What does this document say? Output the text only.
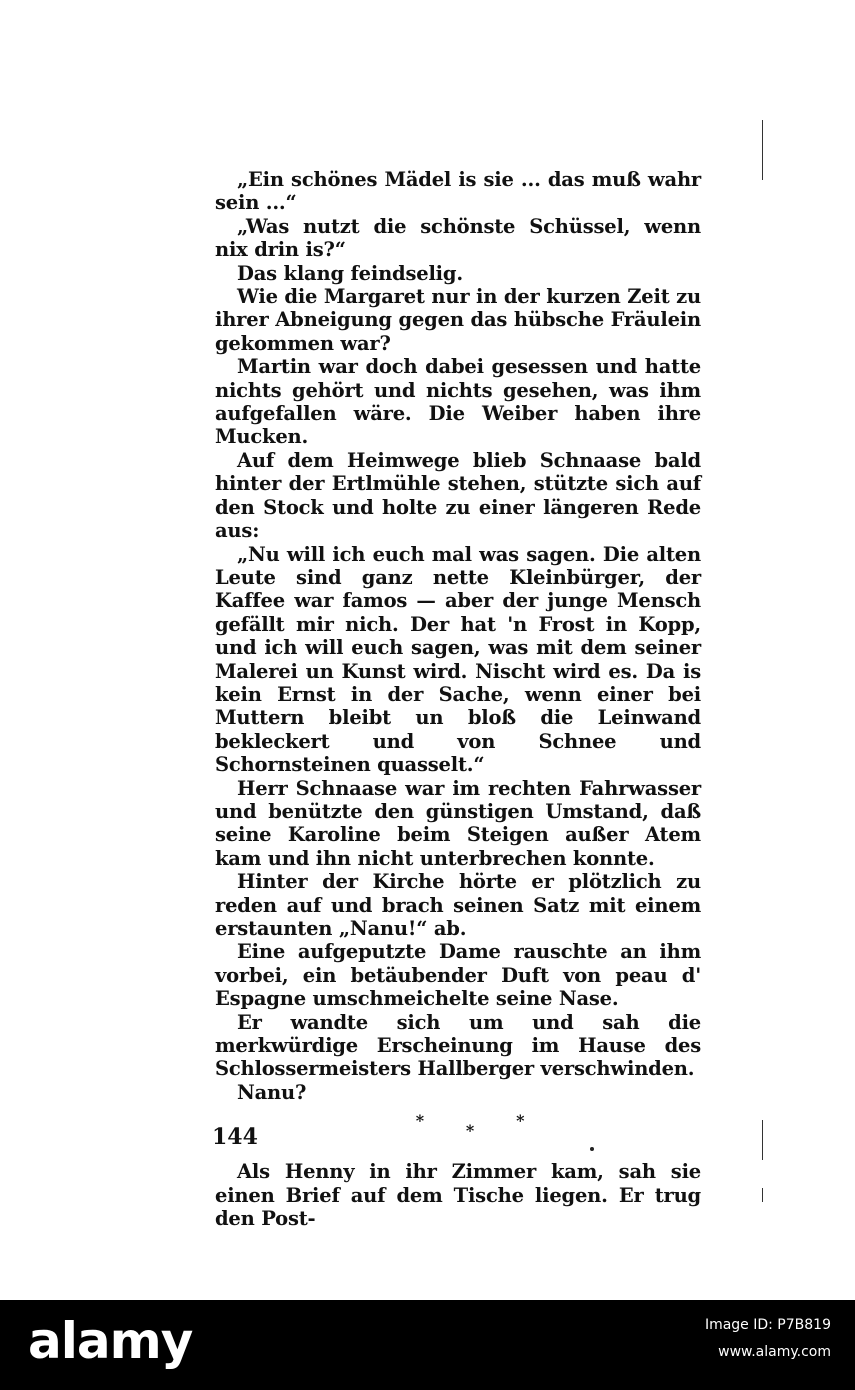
„Ein schönes Mädel is sie ... das muß wahr sein ...“

„Was nutzt die schönste Schüssel, wenn nix drin is?“

Das klang feindselig.

Wie die Margaret nur in der kurzen Zeit zu ihrer Abneigung gegen das hübsche Fräulein gekommen war?

Martin war doch dabei gesessen und hatte nichts gehört und nichts gesehen, was ihm aufgefallen wäre. Die Weiber haben ihre Mucken.

Auf dem Heimwege blieb Schnaase bald hinter der Ertlmühle stehen, stützte sich auf den Stock und holte zu einer längeren Rede aus:

„Nu will ich euch mal was sagen. Die alten Leute sind ganz nette Kleinbürger, der Kaffee war famos — aber der junge Mensch gefällt mir nich. Der hat 'n Frost in Kopp, und ich will euch sagen, was mit dem seiner Malerei un Kunst wird. Nischt wird es. Da is kein Ernst in der Sache, wenn einer bei Muttern bleibt un bloß die Leinwand bekleckert und von Schnee und Schornsteinen quasselt.“

Herr Schnaase war im rechten Fahrwasser und benützte den günstigen Umstand, daß seine Karoline beim Steigen außer Atem kam und ihn nicht unterbrechen konnte.

Hinter der Kirche hörte er plötzlich zu reden auf und brach seinen Satz mit einem erstaunten „Nanu!“ ab.

Eine aufgeputzte Dame rauschte an ihm vorbei, ein betäubender Duft von peau d' Espagne umschmeichelte seine Nase.

Er wandte sich um und sah die merkwürdige Erscheinung im Hause des Schlossermeisters Hallberger verschwinden.

Nanu?

*
*
*

Als Henny in ihr Zimmer kam, sah sie einen Brief auf dem Tische liegen. Er trug den Post-

144
alamy	Image ID: P7B819
www.alamy.com
